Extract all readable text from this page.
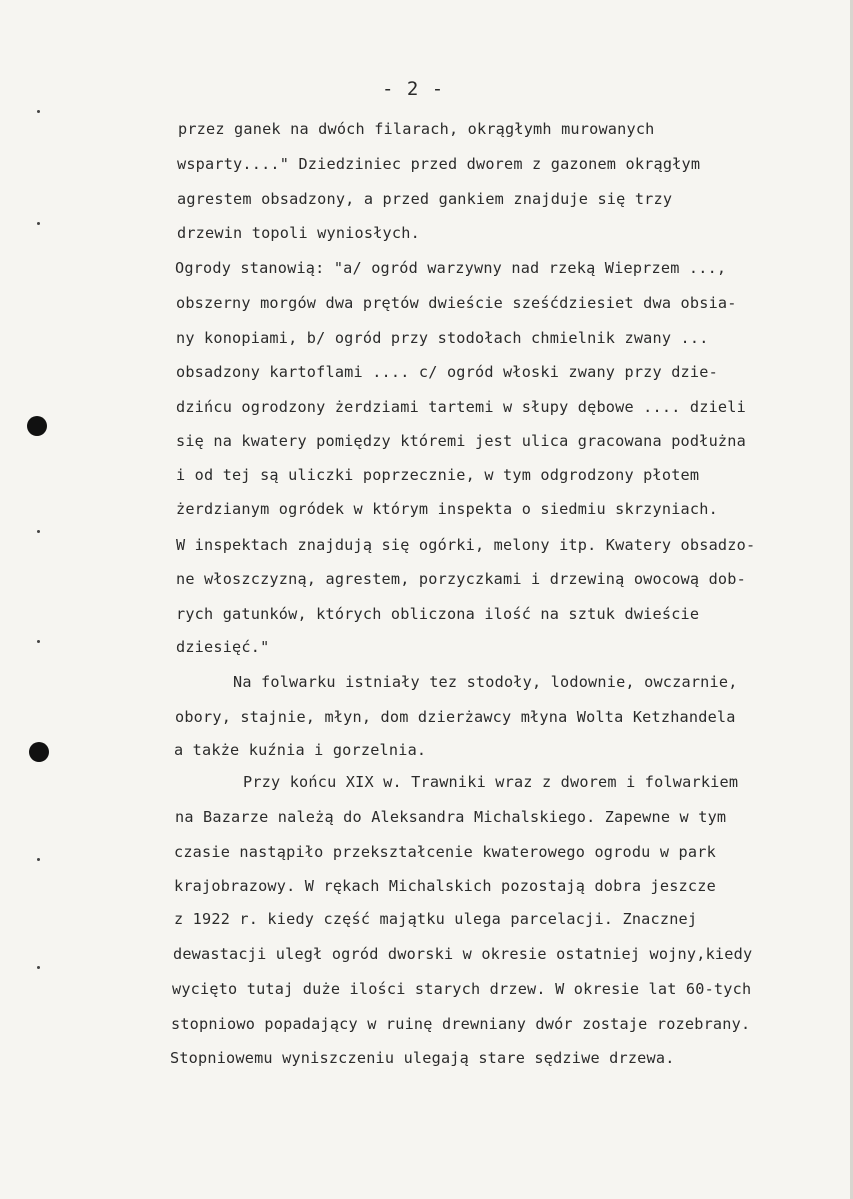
- 2 -
przez ganek na dwóch filarach, okrągłymh murowanych
wsparty...." Dziedziniec przed dworem z gazonem okrągłym
agrestem obsadzony, a przed gankiem znajduje się trzy
drzewin topoli wyniosłych.
Ogrody stanowią: "a/ ogród warzywny nad rzeką Wieprzem ...,
obszerny morgów dwa prętów dwieście sześćdziesiet dwa obsia-
ny konopiami, b/ ogród przy stodołach chmielnik zwany ...
obsadzony kartoflami .... c/ ogród włoski zwany przy dzie-
dzińcu ogrodzony żerdziami tartemi w słupy dębowe .... dzieli
się na kwatery pomiędzy któremi jest ulica gracowana podłużna
i od tej są uliczki poprzecznie, w tym odgrodzony płotem
żerdzianym ogródek w którym inspekta o siedmiu skrzyniach.
W inspektach znajdują się ogórki, melony itp. Kwatery obsadzo-
ne włoszczyzną, agrestem, porzyczkami i drzewiną owocową dob-
rych gatunków, których obliczona ilość na sztuk dwieście
dziesięć."
Na folwarku istniały tez stodoły, lodownie, owczarnie,
obory, stajnie, młyn, dom dzierżawcy młyna Wolta Ketzhandela
a także kuźnia i gorzelnia.
Przy końcu XIX w. Trawniki wraz z dworem i folwarkiem
na Bazarze należą do Aleksandra Michalskiego. Zapewne w tym
czasie nastąpiło przekształcenie kwaterowego ogrodu w park
krajobrazowy. W rękach Michalskich pozostają dobra jeszcze
z 1922 r. kiedy część majątku ulega parcelacji. Znacznej
dewastacji uległ ogród dworski w okresie ostatniej wojny,kiedy
wycięto tutaj duże ilości starych drzew. W okresie lat 60-tych
stopniowo popadający w ruinę drewniany dwór zostaje rozebrany.
Stopniowemu wyniszczeniu ulegają stare sędziwe drzewa.
